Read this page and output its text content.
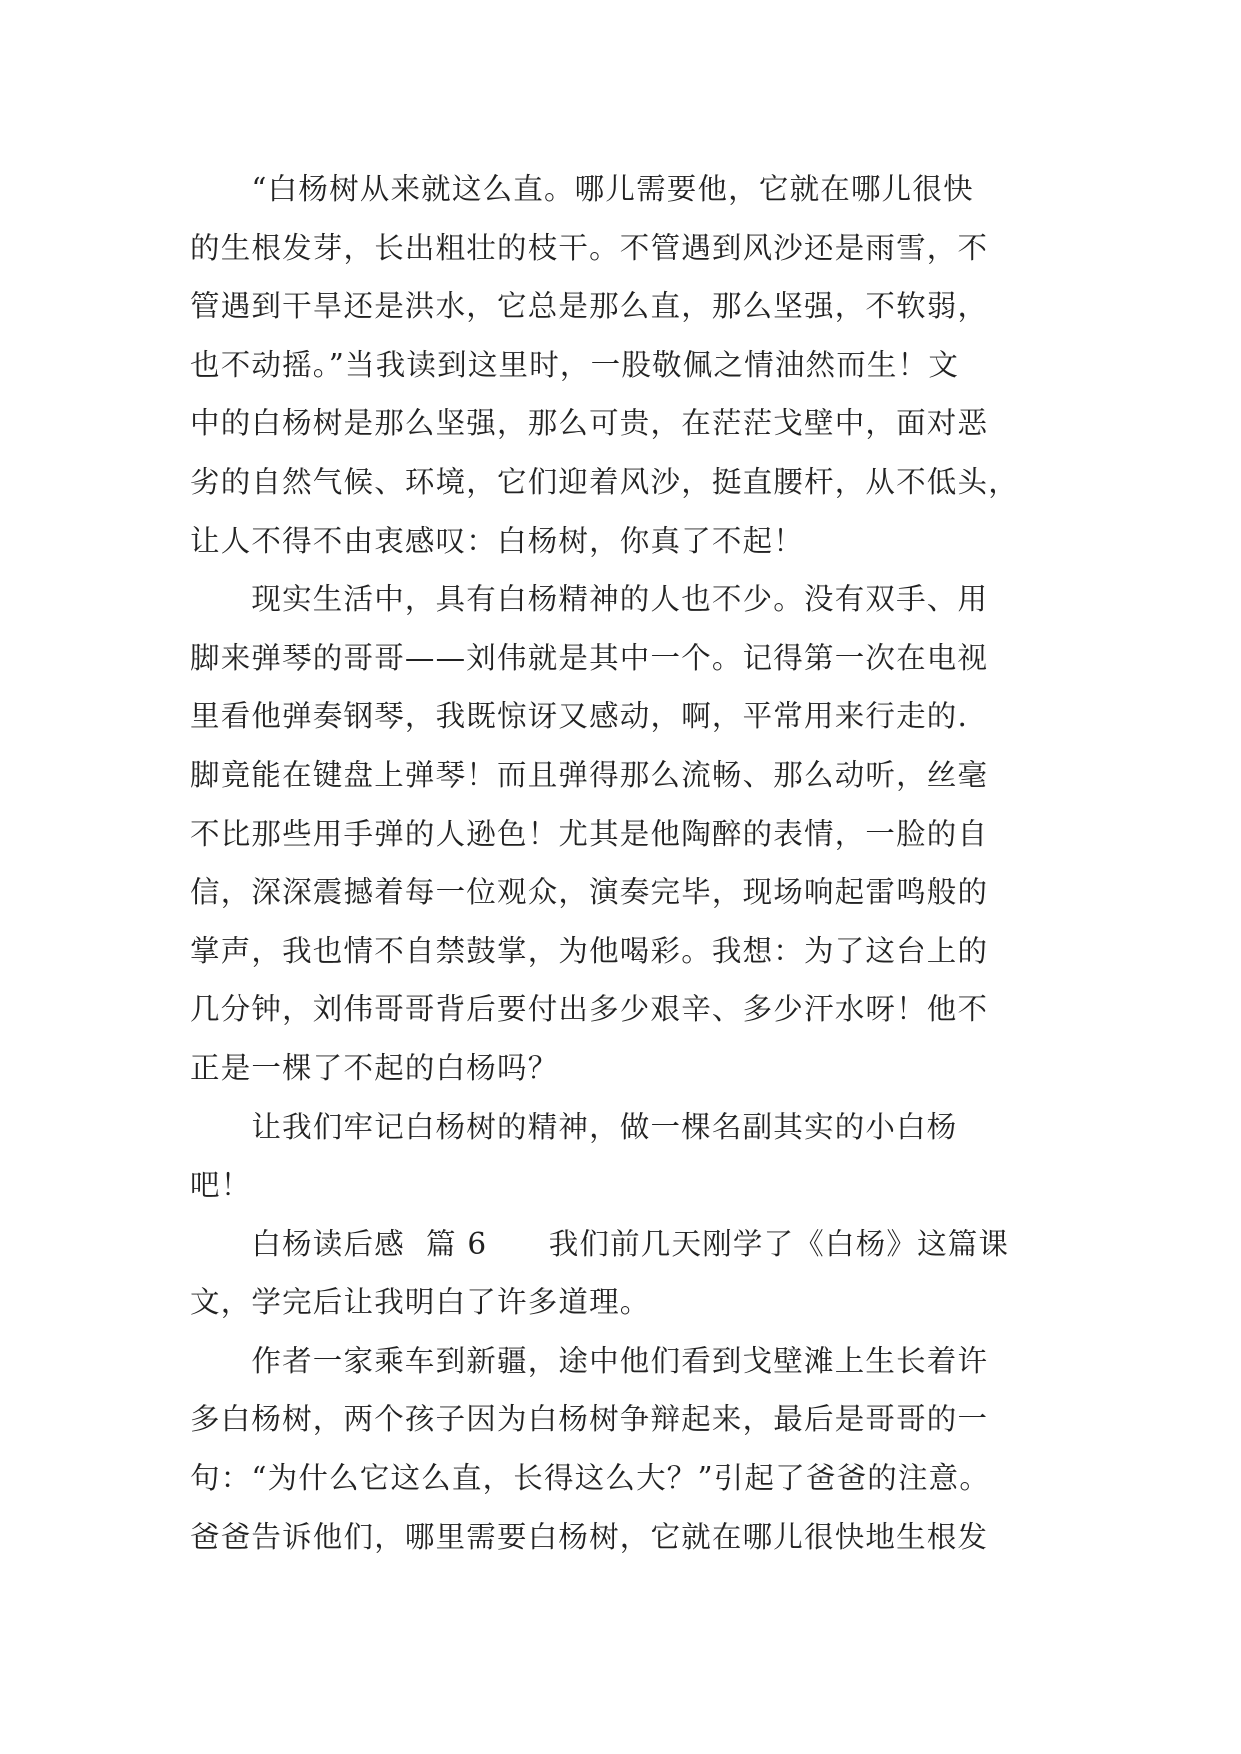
　　“白杨树从来就这么直。哪儿需要他，它就在哪儿很快
的生根发芽，长出粗壮的枝干。不管遇到风沙还是雨雪，不
管遇到干旱还是洪水，它总是那么直，那么坚强，不软弱，
也不动摇。”当我读到这里时，一股敬佩之情油然而生！文
中的白杨树是那么坚强，那么可贵，在茫茫戈壁中，面对恶
劣的自然气候、环境，它们迎着风沙，挺直腰杆，从不低头，
让人不得不由衷感叹：白杨树，你真了不起！
　　现实生活中，具有白杨精神的人也不少。没有双手、用
脚来弹琴的哥哥——刘伟就是其中一个。记得第一次在电视
里看他弹奏钢琴，我既惊讶又感动，啊，平常用来行走的.
脚竟能在键盘上弹琴！而且弹得那么流畅、那么动听，丝毫
不比那些用手弹的人逊色！尤其是他陶醉的表情，一脸的自
信，深深震撼着每一位观众，演奏完毕，现场响起雷鸣般的
掌声，我也情不自禁鼓掌，为他喝彩。我想：为了这台上的
几分钟，刘伟哥哥背后要付出多少艰辛、多少汗水呀！他不
正是一棵了不起的白杨吗？
　　让我们牢记白杨树的精神，做一棵名副其实的小白杨
吧！
　　白杨读后感  篇 6　　我们前几天刚学了《白杨》这篇课
文，学完后让我明白了许多道理。
　　作者一家乘车到新疆，途中他们看到戈壁滩上生长着许
多白杨树，两个孩子因为白杨树争辩起来，最后是哥哥的一
句：“为什么它这么直，长得这么大？”引起了爸爸的注意。
爸爸告诉他们，哪里需要白杨树，它就在哪儿很快地生根发
